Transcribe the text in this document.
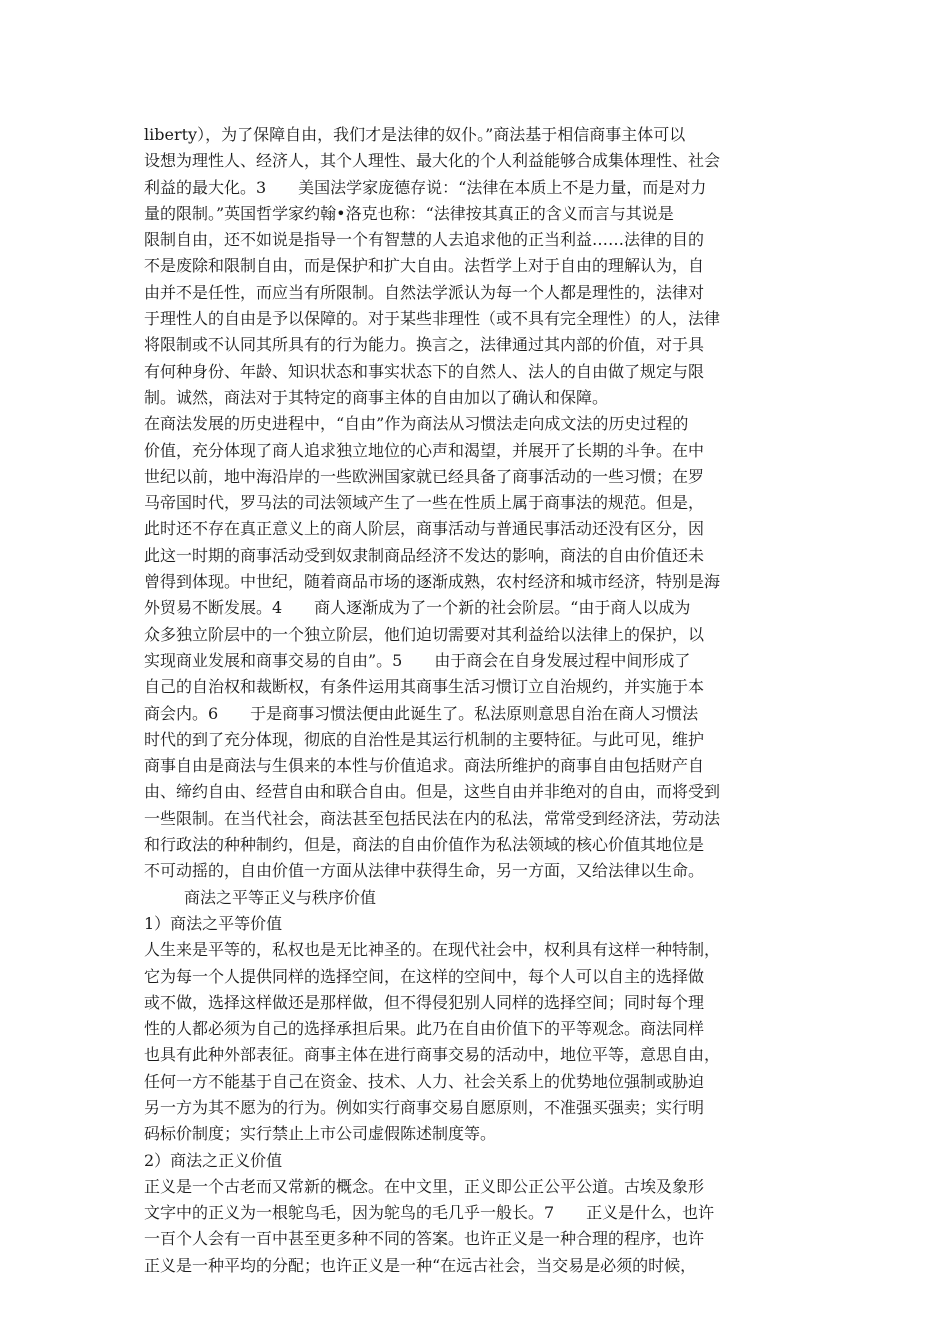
liberty），为了保障自由，我们才是法律的奴仆。”商法基于相信商事主体可以
设想为理性人、经济人，其个人理性、最大化的个人利益能够合成集体理性、社会
利益的最大化。3　　美国法学家庞德存说：“法律在本质上不是力量，而是对力
量的限制。”英国哲学家约翰•洛克也称：“法律按其真正的含义而言与其说是
限制自由，还不如说是指导一个有智慧的人去追求他的正当利益……法律的目的
不是废除和限制自由，而是保护和扩大自由。法哲学上对于自由的理解认为，自
由并不是任性，而应当有所限制。自然法学派认为每一个人都是理性的，法律对
于理性人的自由是予以保障的。对于某些非理性（或不具有完全理性）的人，法律
将限制或不认同其所具有的行为能力。换言之，法律通过其内部的价值，对于具
有何种身份、年龄、知识状态和事实状态下的自然人、法人的自由做了规定与限
制。诚然，商法对于其特定的商事主体的自由加以了确认和保障。
在商法发展的历史进程中，“自由”作为商法从习惯法走向成文法的历史过程的
价值，充分体现了商人追求独立地位的心声和渴望，并展开了长期的斗争。在中
世纪以前，地中海沿岸的一些欧洲国家就已经具备了商事活动的一些习惯；在罗
马帝国时代，罗马法的司法领域产生了一些在性质上属于商事法的规范。但是，
此时还不存在真正意义上的商人阶层，商事活动与普通民事活动还没有区分，因
此这一时期的商事活动受到奴隶制商品经济不发达的影响，商法的自由价值还未
曾得到体现。中世纪，随着商品市场的逐渐成熟，农村经济和城市经济，特别是海
外贸易不断发展。4　　商人逐渐成为了一个新的社会阶层。“由于商人以成为
众多独立阶层中的一个独立阶层，他们迫切需要对其利益给以法律上的保护，以
实现商业发展和商事交易的自由”。5　　由于商会在自身发展过程中间形成了
自己的自治权和裁断权，有条件运用其商事生活习惯订立自治规约，并实施于本
商会内。6　　于是商事习惯法便由此诞生了。私法原则意思自治在商人习惯法
时代的到了充分体现，彻底的自治性是其运行机制的主要特征。与此可见，维护
商事自由是商法与生俱来的本性与价值追求。商法所维护的商事自由包括财产自
由、缔约自由、经营自由和联合自由。但是，这些自由并非绝对的自由，而将受到
一些限制。在当代社会，商法甚至包括民法在内的私法，常常受到经济法，劳动法
和行政法的种种制约，但是，商法的自由价值作为私法领域的核心价值其地位是
不可动摇的，自由价值一方面从法律中获得生命，另一方面，又给法律以生命。
商法之平等正义与秩序价值
1）商法之平等价值
人生来是平等的，私权也是无比神圣的。在现代社会中，权利具有这样一种特制，
它为每一个人提供同样的选择空间，在这样的空间中，每个人可以自主的选择做
或不做，选择这样做还是那样做，但不得侵犯别人同样的选择空间；同时每个理
性的人都必须为自己的选择承担后果。此乃在自由价值下的平等观念。商法同样
也具有此种外部表征。商事主体在进行商事交易的活动中，地位平等，意思自由，
任何一方不能基于自己在资金、技术、人力、社会关系上的优势地位强制或胁迫
另一方为其不愿为的行为。例如实行商事交易自愿原则，不准强买强卖；实行明
码标价制度；实行禁止上市公司虚假陈述制度等。
2）商法之正义价值
正义是一个古老而又常新的概念。在中文里，正义即公正公平公道。古埃及象形
文字中的正义为一根鸵鸟毛，因为鸵鸟的毛几乎一般长。7　　正义是什么，也许
一百个人会有一百中甚至更多种不同的答案。也许正义是一种合理的程序，也许
正义是一种平均的分配；也许正义是一种“在远古社会，当交易是必须的时候，
